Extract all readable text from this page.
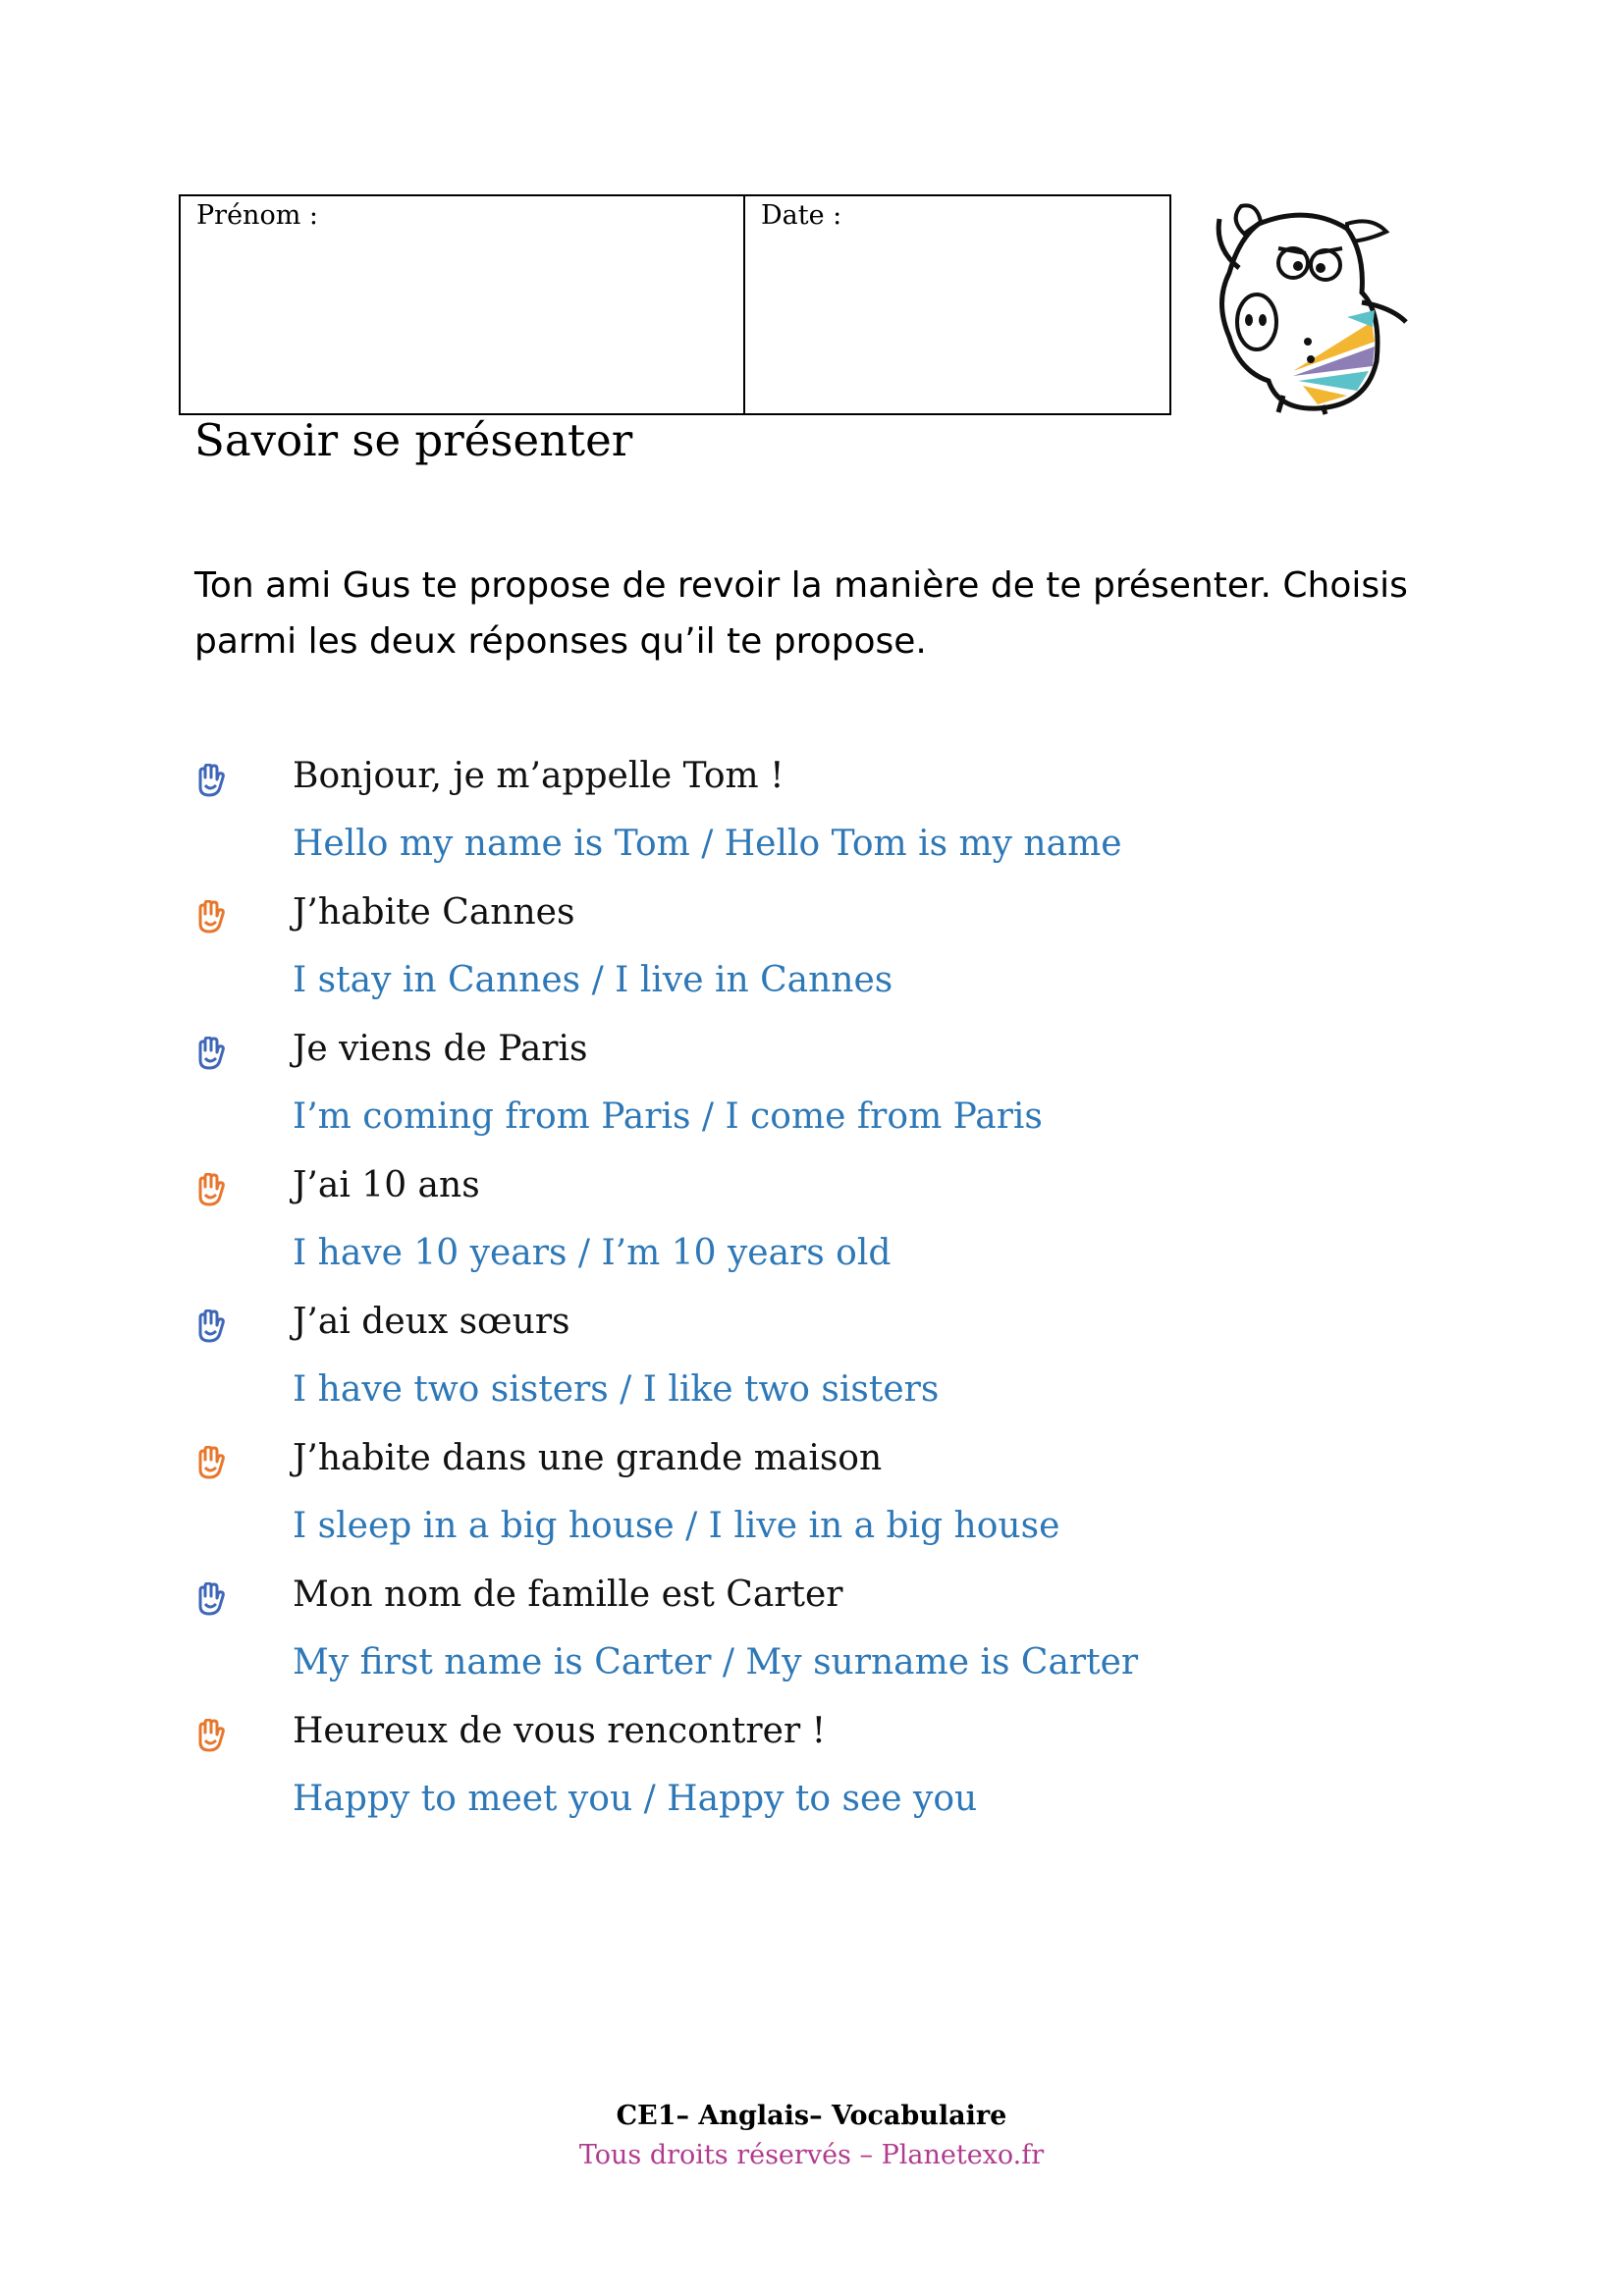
Prénom :	Date :
Savoir se présenter
Ton ami Gus te propose de revoir la manière de te présenter. Choisis parmi les deux réponses qu’il te propose.
Bonjour, je m’appelle Tom !
Hello my name is Tom / Hello Tom is my name
J’habite Cannes
I stay in Cannes / I live in Cannes
Je viens de Paris
I’m coming from Paris / I come from Paris
J’ai 10 ans
I have 10 years / I’m 10 years old
J’ai deux sœurs
I have two sisters / I like two sisters
J’habite dans une grande maison
I sleep in a big house / I live in a big house
Mon nom de famille est Carter
My first name is Carter / My surname is Carter
Heureux de vous rencontrer !
Happy to meet you / Happy to see you
CE1– Anglais– Vocabulaire
Tous droits réservés – Planetexo.fr
